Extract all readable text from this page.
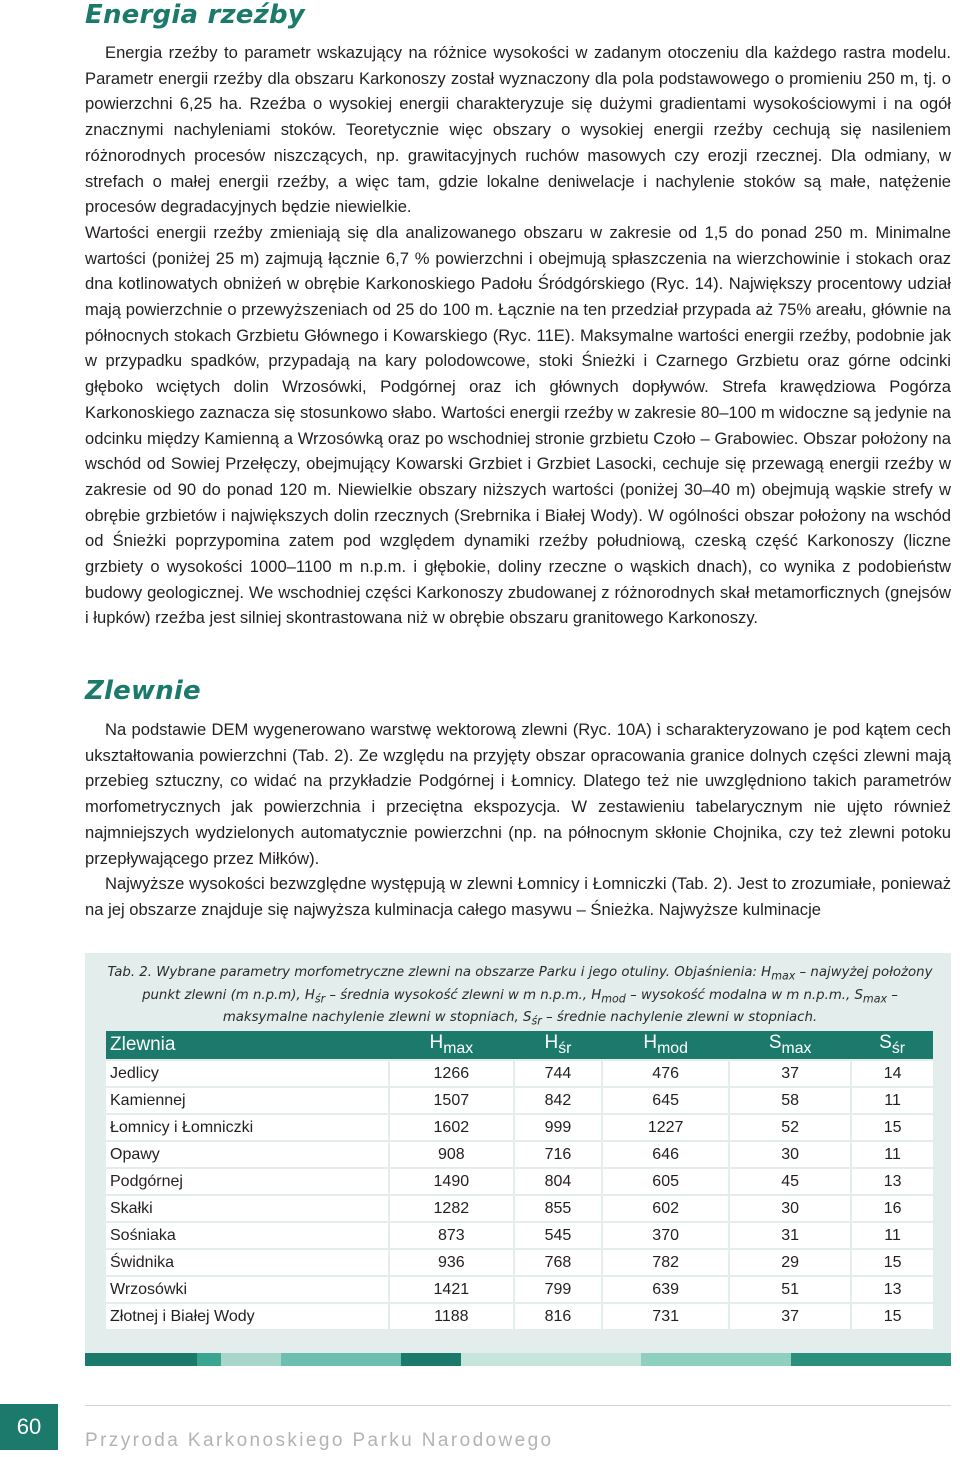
Energia rzeźby

Energia rzeźby to parametr wskazujący na różnice wysokości w zadanym otoczeniu dla każdego rastra modelu. Parametr energii rzeźby dla obszaru Karkonoszy został wyznaczony dla pola podstawowego o promieniu 250 m, tj. o powierzchni 6,25 ha. Rzeźba o wysokiej energii charakteryzuje się dużymi gradientami wysokościowymi i na ogół znacznymi nachyleniami stoków. Teoretycznie więc obszary o wysokiej energii rzeźby cechują się nasileniem różnorodnych procesów niszczących, np. grawitacyjnych ruchów masowych czy erozji rzecznej. Dla odmiany, w strefach o małej energii rzeźby, a więc tam, gdzie lokalne deniwelacje i nachylenie stoków są małe, natężenie procesów degradacyjnych będzie niewielkie.

Wartości energii rzeźby zmieniają się dla analizowanego obszaru w zakresie od 1,5 do ponad 250 m. Minimalne wartości (poniżej 25 m) zajmują łącznie 6,7 % powierzchni i obejmują spłaszczenia na wierzchowinie i stokach oraz dna kotlinowatych obniżeń w obrębie Karkonoskiego Padołu Śródgórskiego (Ryc. 14). Największy procentowy udział mają powierzchnie o przewyższeniach od 25 do 100 m. Łącznie na ten przedział przypada aż 75% areału, głównie na północnych stokach Grzbietu Głównego i Kowarskiego (Ryc. 11E). Maksymalne wartości energii rzeźby, podobnie jak w przypadku spadków, przypadają na kary polodowcowe, stoki Śnieżki i Czarnego Grzbietu oraz górne odcinki głęboko wciętych dolin Wrzosówki, Podgórnej oraz ich głównych dopływów. Strefa krawędziowa Pogórza Karkonoskiego zaznacza się stosunkowo słabo. Wartości energii rzeźby w zakresie 80–100 m widoczne są jedynie na odcinku między Kamienną a Wrzosówką oraz po wschodniej stronie grzbietu Czoło – Grabowiec. Obszar położony na wschód od Sowiej Przełęczy, obejmujący Kowarski Grzbiet i Grzbiet Lasocki, cechuje się przewagą energii rzeźby w zakresie od 90 do ponad 120 m. Niewielkie obszary niższych wartości (poniżej 30–40 m) obejmują wąskie strefy w obrębie grzbietów i największych dolin rzecznych (Srebrnika i Białej Wody). W ogólności obszar położony na wschód od Śnieżki poprzypomina zatem pod względem dynamiki rzeźby południową, czeską część Karkonoszy (liczne grzbiety o wysokości 1000–1100 m n.p.m. i głębokie, doliny rzeczne o wąskich dnach), co wynika z podobieństw budowy geologicznej. We wschodniej części Karkonoszy zbudowanej z różnorodnych skał metamorficznych (gnejsów i łupków) rzeźba jest silniej skontrastowana niż w obrębie obszaru granitowego Karkonoszy.

Zlewnie

Na podstawie DEM wygenerowano warstwę wektorową zlewni (Ryc. 10A) i scharakteryzowano je pod kątem cech ukształtowania powierzchni (Tab. 2). Ze względu na przyjęty obszar opracowania granice dolnych części zlewni mają przebieg sztuczny, co widać na przykładzie Podgórnej i Łomnicy. Dlatego też nie uwzględniono takich parametrów morfometrycznych jak powierzchnia i przeciętna ekspozycja. W zestawieniu tabelarycznym nie ujęto również najmniejszych wydzielonych automatycznie powierzchni (np. na północnym skłonie Chojnika, czy też zlewni potoku przepływającego przez Miłków).

Najwyższe wysokości bezwzględne występują w zlewni Łomnicy i Łomniczki (Tab. 2). Jest to zrozumiałe, ponieważ na jej obszarze znajduje się najwyższa kulminacja całego masywu – Śnieżka. Najwyższe kulminacje

Tab. 2. Wybrane parametry morfometryczne zlewni na obszarze Parku i jego otuliny. Objaśnienia: $H_{max}$ – najwyżej położony punkt zlewni (m n.p.m), $H_{śr}$ – średnia wysokość zlewni w m n.p.m., $H_{mod}$ – wysokość modalna w m n.p.m., $S_{max}$ – maksymalne nachylenie zlewni w stopniach, $S_{śr}$ – średnie nachylenie zlewni w stopniach.

Zlewnia	$H_{max}$	$H_{śr}$	$H_{mod}$	$S_{max}$	$S_{śr}$
Jedlicy	1266	744	476	37	14
Kamiennej	1507	842	645	58	11
Łomnicy i Łomniczki	1602	999	1227	52	15
Opawy	908	716	646	30	11
Podgórnej	1490	804	605	45	13
Skałki	1282	855	602	30	16
Sośniaka	873	545	370	31	11
Świdnika	936	768	782	29	15
Wrzosówki	1421	799	639	51	13
Złotnej i Białej Wody	1188	816	731	37	15
60
Przyroda Karkonoskiego Parku Narodowego
